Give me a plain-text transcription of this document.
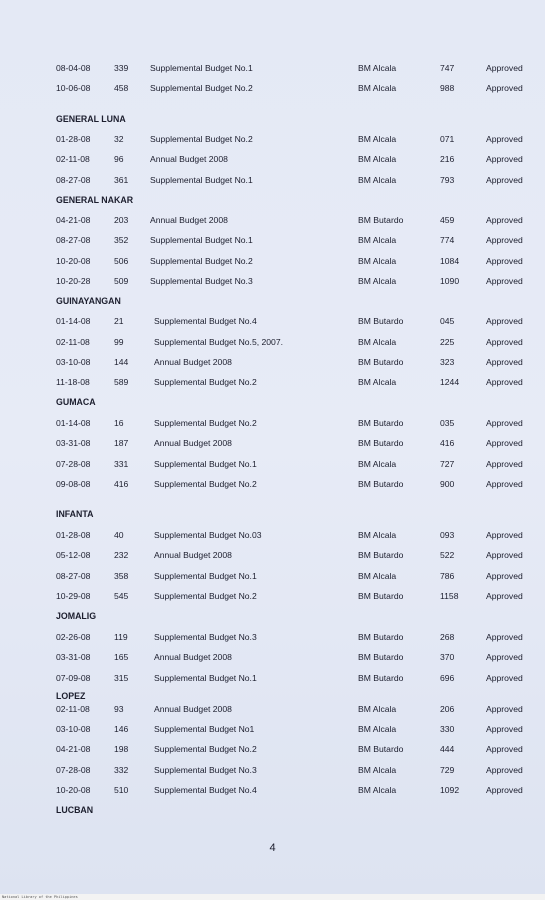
08-04-08	339	Supplemental Budget No.1	BM Alcala	747	Approved
10-06-08	458	Supplemental Budget No.2	BM Alcala	988	Approved
GENERAL LUNA
01-28-08	32	Supplemental Budget No.2	BM Alcala	071	Approved
02-11-08	96	Annual Budget 2008	BM Alcala	216	Approved
08-27-08	361	Supplemental Budget No.1	BM Alcala	793	Approved
GENERAL NAKAR
04-21-08	203	Annual Budget 2008	BM Butardo	459	Approved
08-27-08	352	Supplemental Budget No.1	BM Alcala	774	Approved
10-20-08	506	Supplemental Budget No.2	BM Alcala	1084	Approved
10-20-28	509	Supplemental Budget No.3	BM Alcala	1090	Approved
GUINAYANGAN
01-14-08	21	Supplemental Budget No.4	BM Butardo	045	Approved
02-11-08	99	Supplemental Budget No.5, 2007.	BM Alcala	225	Approved
03-10-08	144	Annual Budget 2008	BM Butardo	323	Approved
11-18-08	589	Supplemental Budget No.2	BM Alcala	1244	Approved
GUMACA
01-14-08	16	Supplemental Budget No.2	BM Butardo	035	Approved
03-31-08	187	Annual Budget 2008	BM Butardo	416	Approved
07-28-08	331	Supplemental Budget No.1	BM Alcala	727	Approved
09-08-08	416	Supplemental Budget No.2	BM Butardo	900	Approved
INFANTA
01-28-08	40	Supplemental Budget No.03	BM Alcala	093	Approved
05-12-08	232	Annual Budget 2008	BM Butardo	522	Approved
08-27-08	358	Supplemental Budget No.1	BM Alcala	786	Approved
10-29-08	545	Supplemental Budget No.2	BM Butardo	1158	Approved
JOMALIG
02-26-08	119	Supplemental Budget No.3	BM Butardo	268	Approved
03-31-08	165	Annual Budget 2008	BM Butardo	370	Approved
07-09-08	315	Supplemental Budget No.1	BM Butardo	696	Approved
LOPEZ
02-11-08	93	Annual Budget 2008	BM Alcala	206	Approved
03-10-08	146	Supplemental Budget No1	BM Alcala	330	Approved
04-21-08	198	Supplemental Budget No.2	BM Butardo	444	Approved
07-28-08	332	Supplemental Budget No.3	BM Alcala	729	Approved
10-20-08	510	Supplemental Budget No.4	BM Alcala	1092	Approved
LUCBAN
4
National Library of the Philippines
